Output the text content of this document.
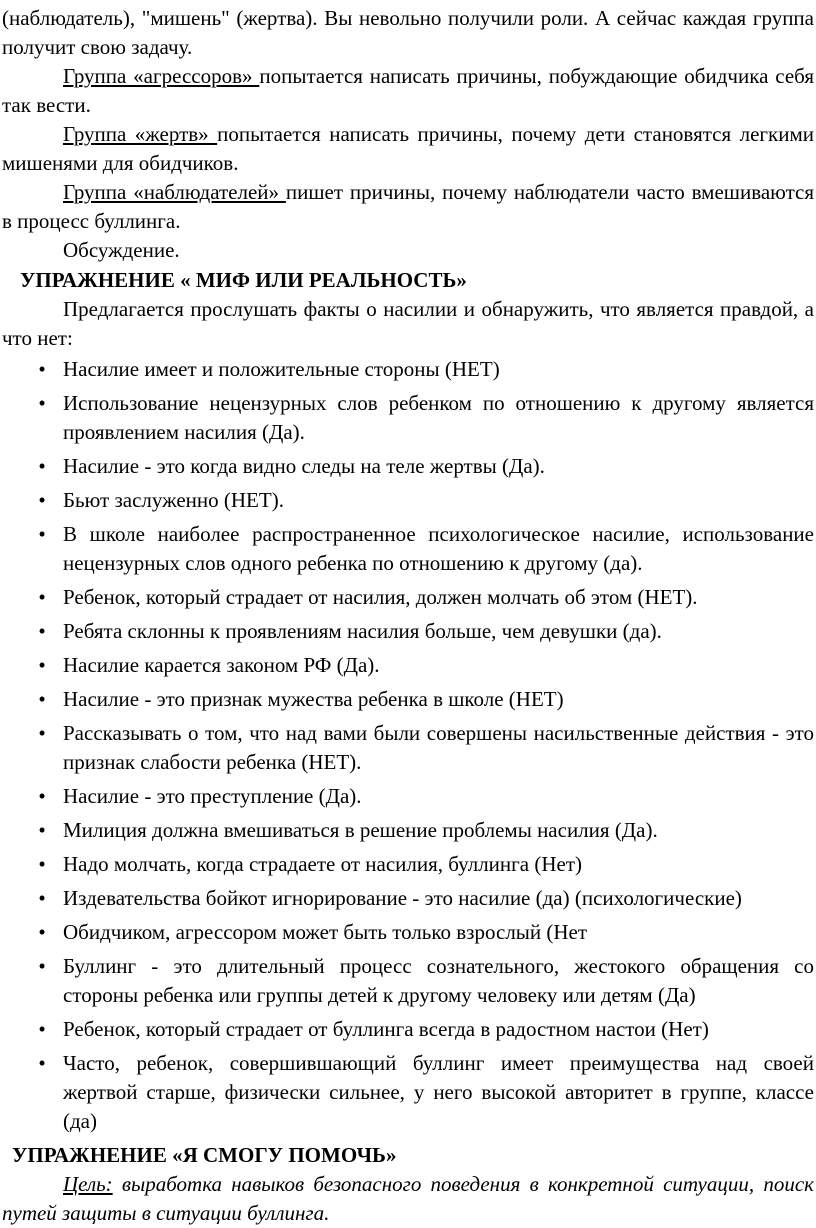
(наблюдатель), "мишень" (жертва). Вы невольно получили роли. А сейчас каждая группа получит свою задачу.

Группа «агрессоров» попытается написать причины, побуждающие обидчика себя так вести.

Группа «жертв» попытается написать причины, почему дети становятся легкими мишенями для обидчиков.

Группа «наблюдателей» пишет причины, почему наблюдатели часто вмешиваются в процесс буллинга.

Обсуждение.

УПРАЖНЕНИЕ « МИФ ИЛИ РЕАЛЬНОСТЬ»

Предлагается прослушать факты о насилии и обнаружить, что является правдой, а что нет:

• Насилие имеет и положительные стороны (НЕТ)
• Использование нецензурных слов ребенком по отношению к другому является проявлением насилия (Да).
• Насилие - это когда видно следы на теле жертвы (Да).
• Бьют заслуженно (НЕТ).
• В школе наиболее распространенное психологическое насилие, использование нецензурных слов одного ребенка по отношению к другому (да).
• Ребенок, который страдает от насилия, должен молчать об этом (НЕТ).
• Ребята склонны к проявлениям насилия больше, чем девушки (да).
• Насилие карается законом РФ (Да).
• Насилие - это признак мужества ребенка в школе (НЕТ)
• Рассказывать о том, что над вами были совершены насильственные действия - это признак слабости ребенка (НЕТ).
• Насилие - это преступление (Да).
• Милиция должна вмешиваться в решение проблемы насилия (Да).
• Надо молчать, когда страдаете от насилия, буллинга (Нет)
• Издевательства бойкот игнорирование - это насилие (да) (психологические)
• Обидчиком, агрессором может быть только взрослый (Нет
• Буллинг - это длительный процесс сознательного, жестокого обращения со стороны ребенка или группы детей к другому человеку или детям (Да)
• Ребенок, который страдает от буллинга всегда в радостном настои (Нет)
• Часто, ребенок, совершившающий буллинг имеет преимущества над своей жертвой старше, физически сильнее, у него высокой авторитет в группе, классе (да)
УПРАЖНЕНИЕ «Я СМОГУ ПОМОЧЬ»

Цель: выработка навыков безопасного поведения в конкретной ситуации, поиск путей защиты в ситуации буллинга.
